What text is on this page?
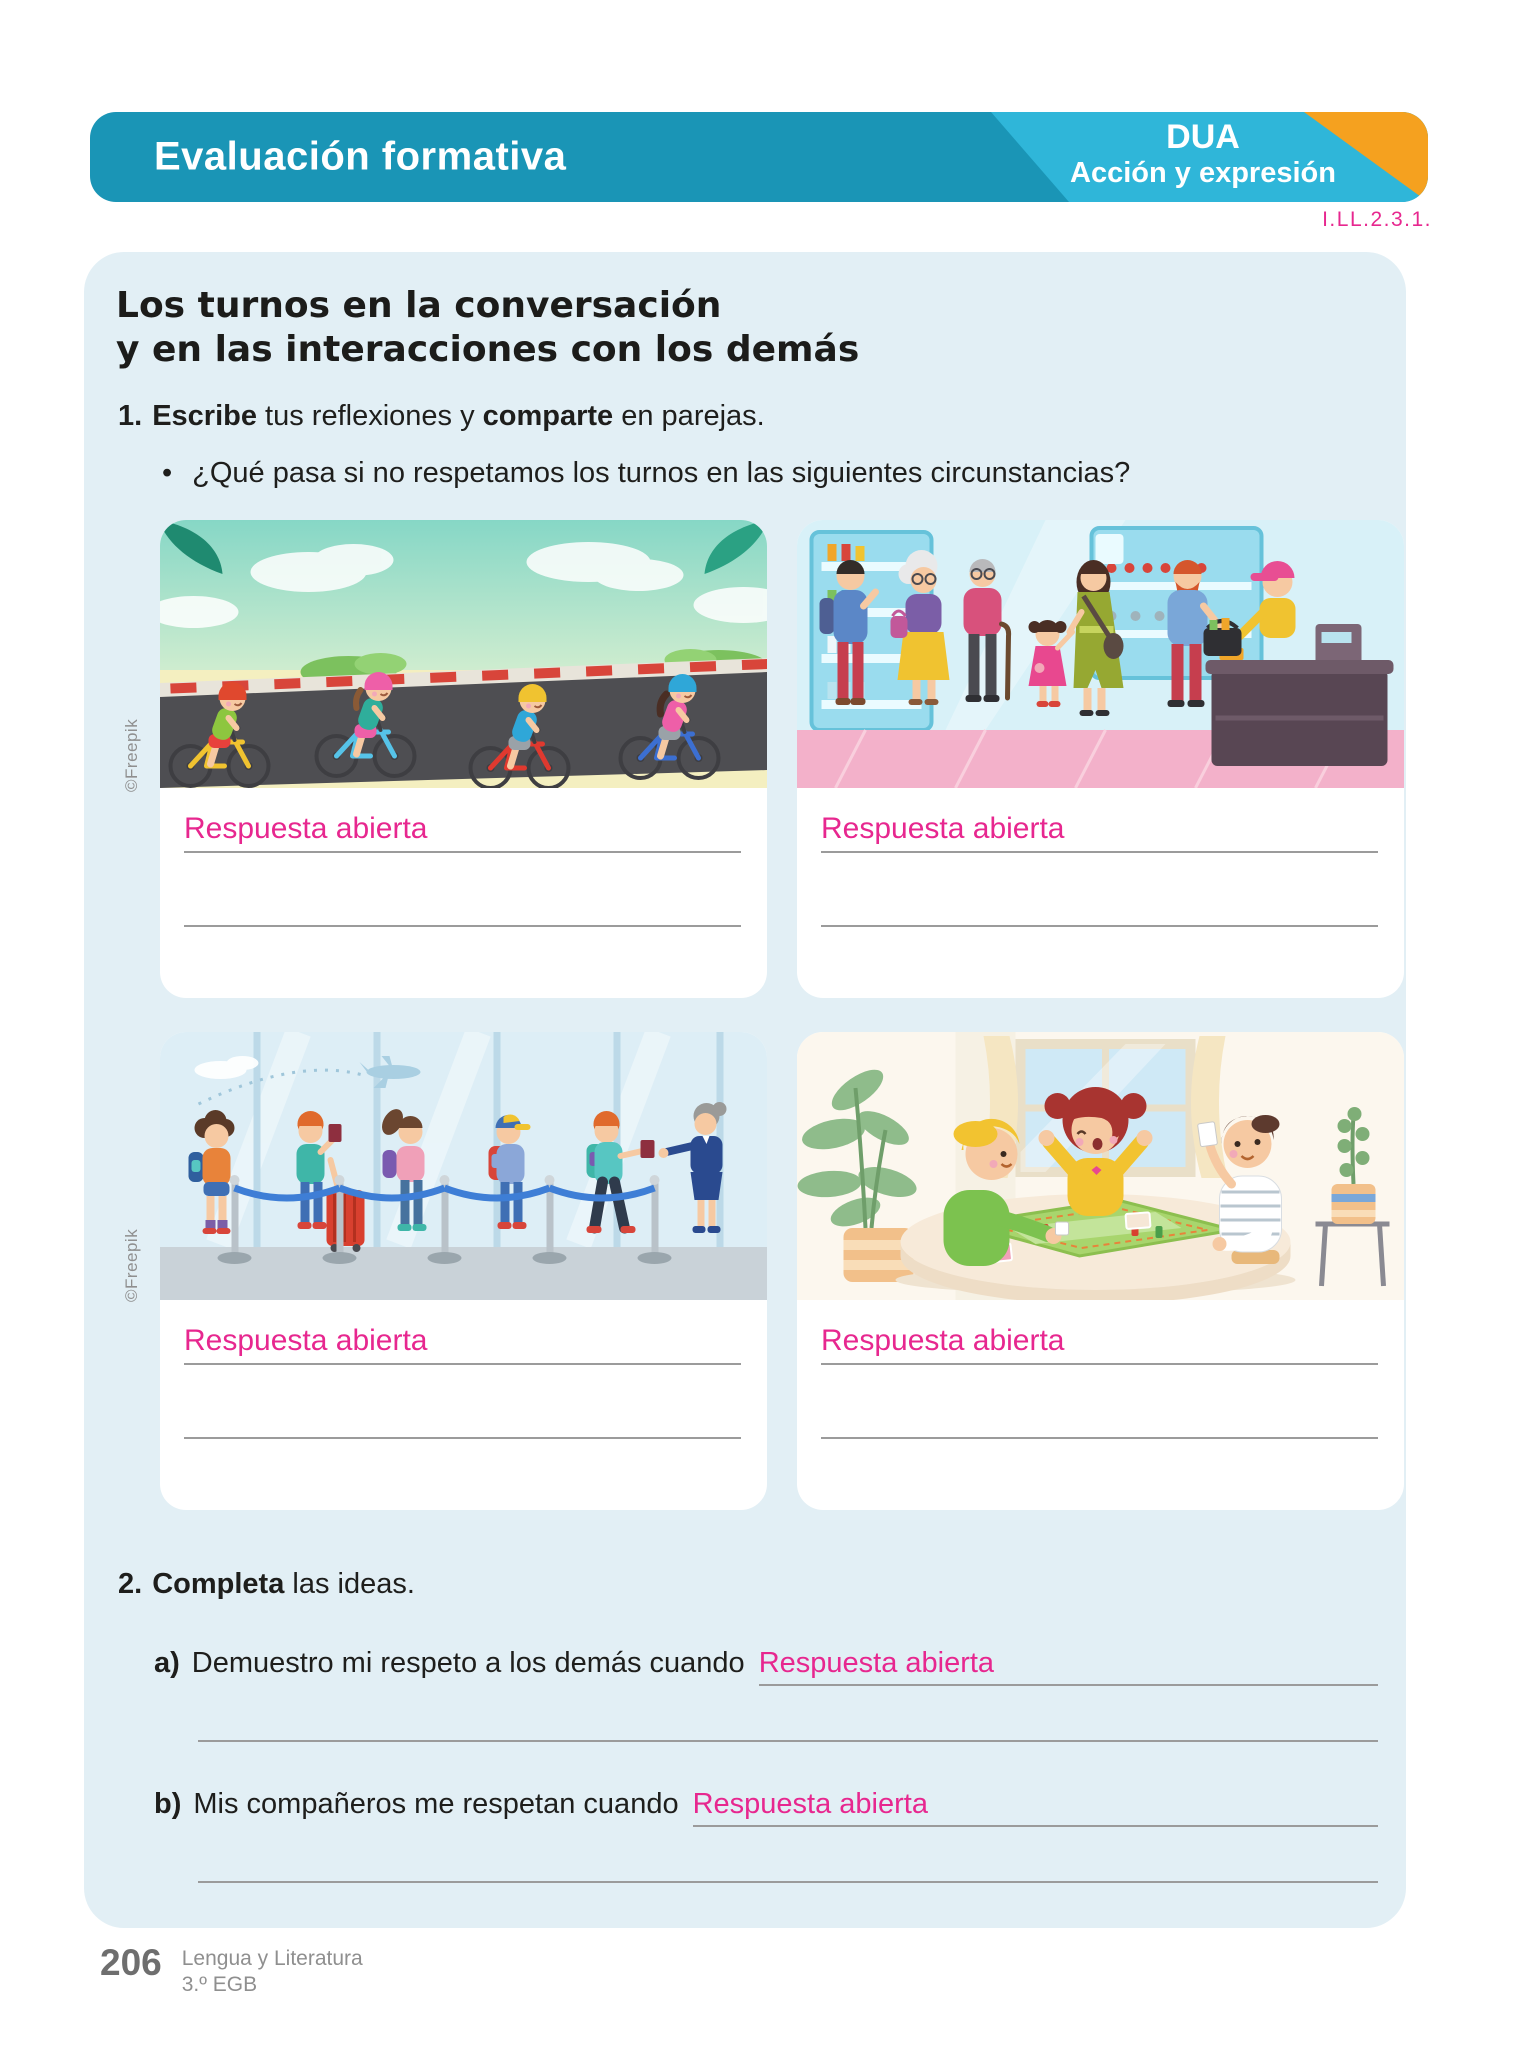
Evaluación formativa	DUA
Acción y expresión
I.LL.2.3.1.
Los turnos en la conversación
y en las interacciones con los demás
1. Escribe tus reflexiones y comparte en parejas.
• ¿Qué pasa si no respetamos los turnos en las siguientes circunstancias?
Respuesta abierta	Respuesta abierta
Respuesta abierta	Respuesta abierta
2. Completa las ideas.
a) Demuestro mi respeto a los demás cuando Respuesta abierta
b) Mis compañeros me respetan cuando Respuesta abierta
©Freepik
©Freepik
206 Lengua y Literatura
3.º EGB
